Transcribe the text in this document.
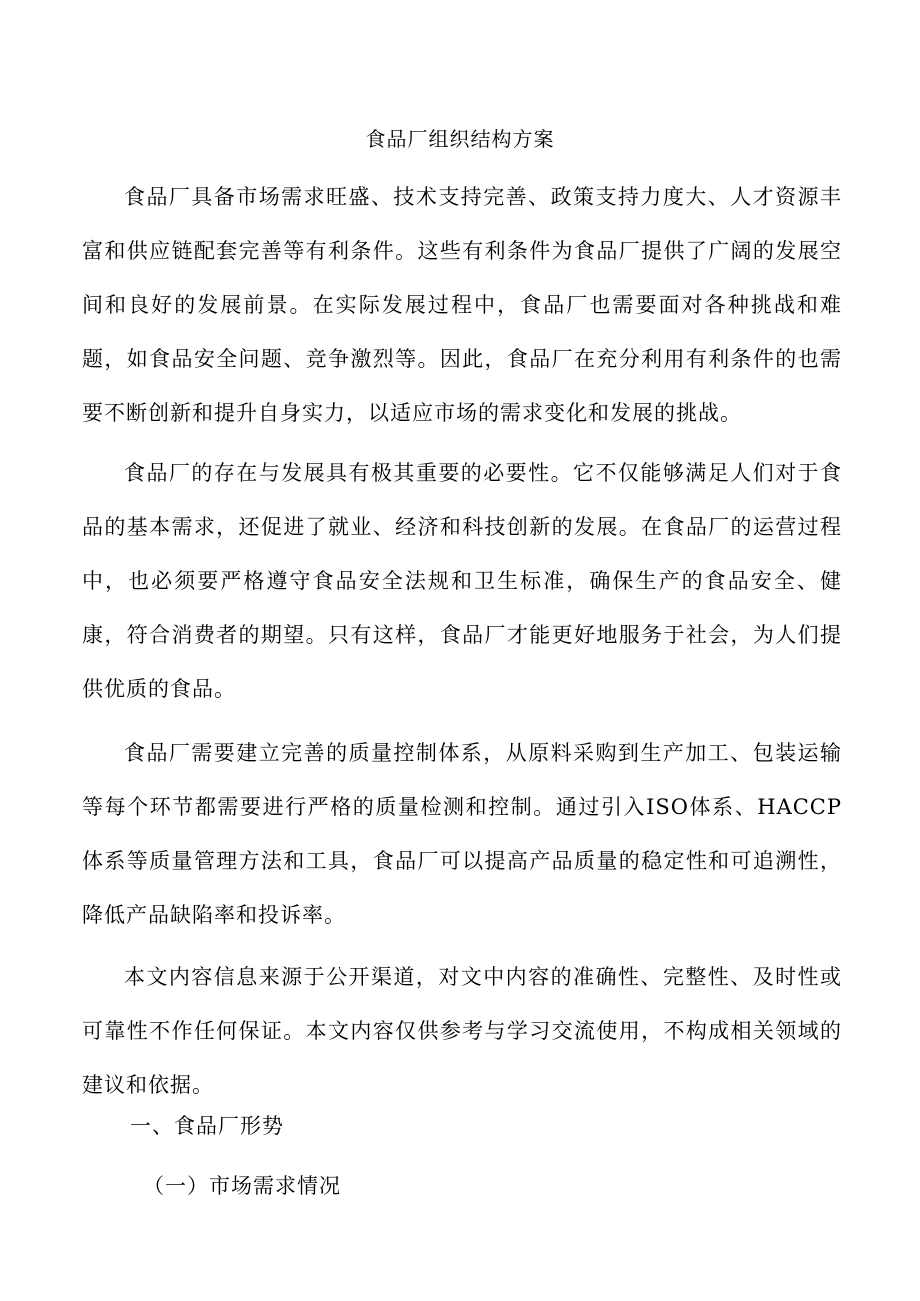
食品厂组织结构方案

食品厂具备市场需求旺盛、技术支持完善、政策支持力度大、人才资源丰富和供应链配套完善等有利条件。这些有利条件为食品厂提供了广阔的发展空间和良好的发展前景。在实际发展过程中，食品厂也需要面对各种挑战和难题，如食品安全问题、竞争激烈等。因此，食品厂在充分利用有利条件的也需要不断创新和提升自身实力，以适应市场的需求变化和发展的挑战。

食品厂的存在与发展具有极其重要的必要性。它不仅能够满足人们对于食品的基本需求，还促进了就业、经济和科技创新的发展。在食品厂的运营过程中，也必须要严格遵守食品安全法规和卫生标准，确保生产的食品安全、健康，符合消费者的期望。只有这样，食品厂才能更好地服务于社会，为人们提供优质的食品。

食品厂需要建立完善的质量控制体系，从原料采购到生产加工、包装运输等每个环节都需要进行严格的质量检测和控制。通过引入ISO体系、HACCP体系等质量管理方法和工具，食品厂可以提高产品质量的稳定性和可追溯性，降低产品缺陷率和投诉率。

本文内容信息来源于公开渠道，对文中内容的准确性、完整性、及时性或可靠性不作任何保证。本文内容仅供参考与学习交流使用，不构成相关领域的建议和依据。

一、食品厂形势
（一）市场需求情况
